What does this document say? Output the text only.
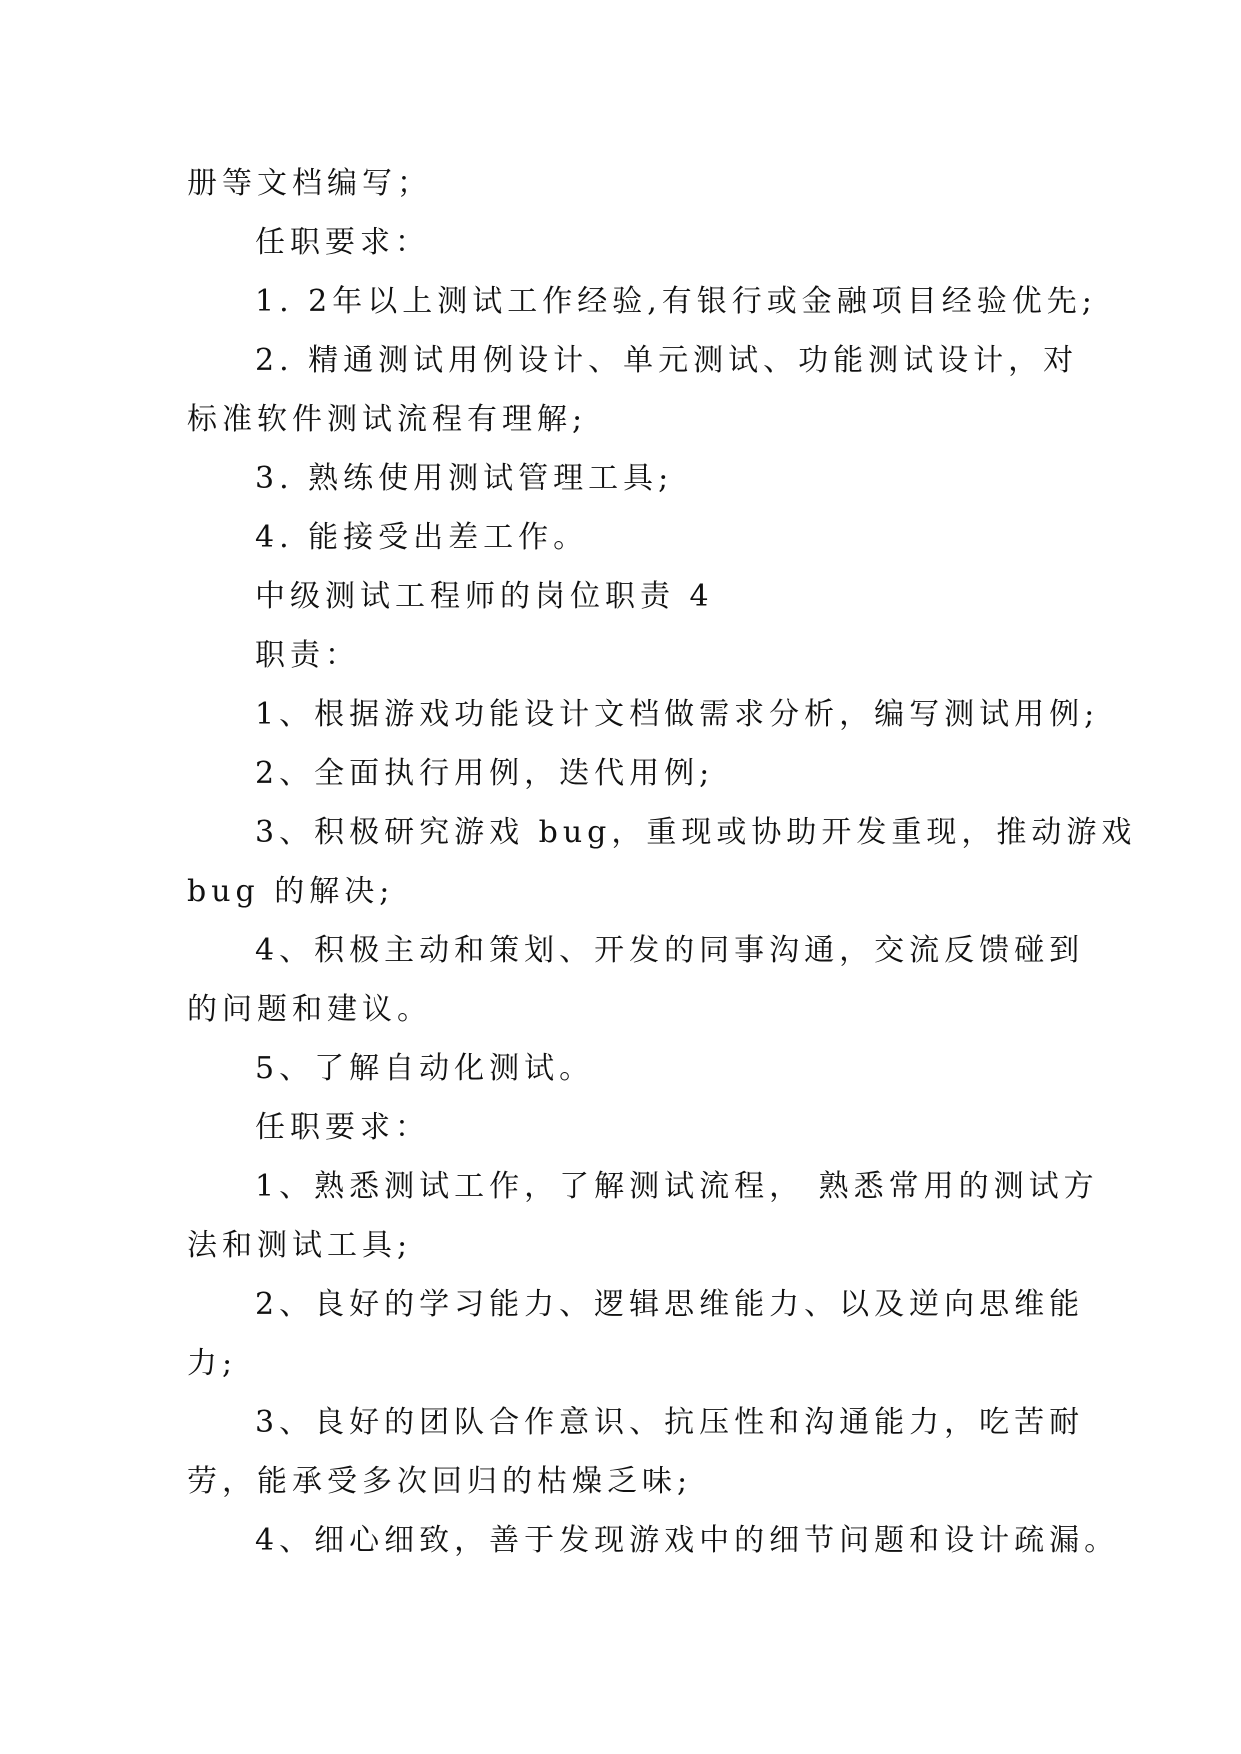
册等文档编写；
任职要求：
1. 2年以上测试工作经验,有银行或金融项目经验优先;
2. 精通测试用例设计、单元测试、功能测试设计，对
标准软件测试流程有理解;
3. 熟练使用测试管理工具;
4. 能接受出差工作。
中级测试工程师的岗位职责 4
职责：
1、根据游戏功能设计文档做需求分析，编写测试用例;
2、全面执行用例，迭代用例;
3、积极研究游戏 bug，重现或协助开发重现，推动游戏
bug 的解决;
4、积极主动和策划、开发的同事沟通，交流反馈碰到
的问题和建议。
5、了解自动化测试。
任职要求：
1、熟悉测试工作，了解测试流程， 熟悉常用的测试方
法和测试工具;
2、良好的学习能力、逻辑思维能力、以及逆向思维能
力;
3、良好的团队合作意识、抗压性和沟通能力，吃苦耐
劳，能承受多次回归的枯燥乏味;
4、细心细致，善于发现游戏中的细节问题和设计疏漏。
